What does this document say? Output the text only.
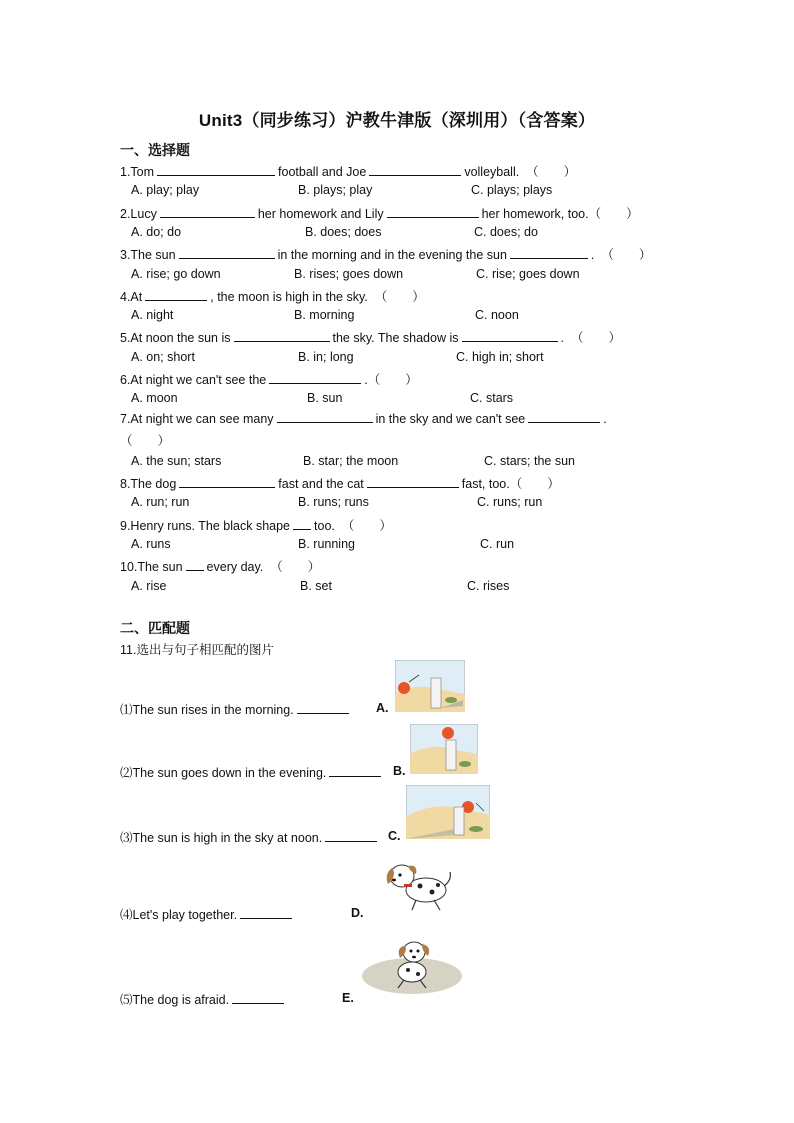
Unit3（同步练习）沪教牛津版（深圳用）（含答案）
一、选择题
1.Tom	football and Joe	volleyball. （　　）
A. play; play	B. plays; play	C. plays; plays
2.Lucy	her homework and Lily	her homework, too.（　　）
A. do; do	B. does; does	C. does; do
3.The sun	in the morning and in the evening the sun	. （　　）
A. rise; go down	B. rises; goes down	C. rise; goes down
4.At	, the moon is high in the sky. （　　）
A. night	B. morning	C. noon
5.At noon the sun is	the sky. The shadow is	. （　　）
A. on; short	B. in; long	C. high in; short
6.At night we can't see the	.（　　）
A. moon	B. sun	C. stars
7.At night we can see many	in the sky and we can't see	.
（　　）
A. the sun; stars	B. star; the moon	C. stars; the sun
8.The dog	fast and the cat	fast, too.（　　）
A. run; run	B. runs; runs	C. runs; run
9.Henry runs. The black shape too. （　　）
A. runs	B. running	C. run
10.The sun every day. （　　）
A. rise	B. set	C. rises
二、匹配题
11.选出与句子相匹配的图片
⑴The sun rises in the morning.	A.
⑵The sun goes down in the evening.	B.
⑶The sun is high in the sky at noon.	C.
⑷Let's play together.	D.
⑸The dog is afraid.	E.
